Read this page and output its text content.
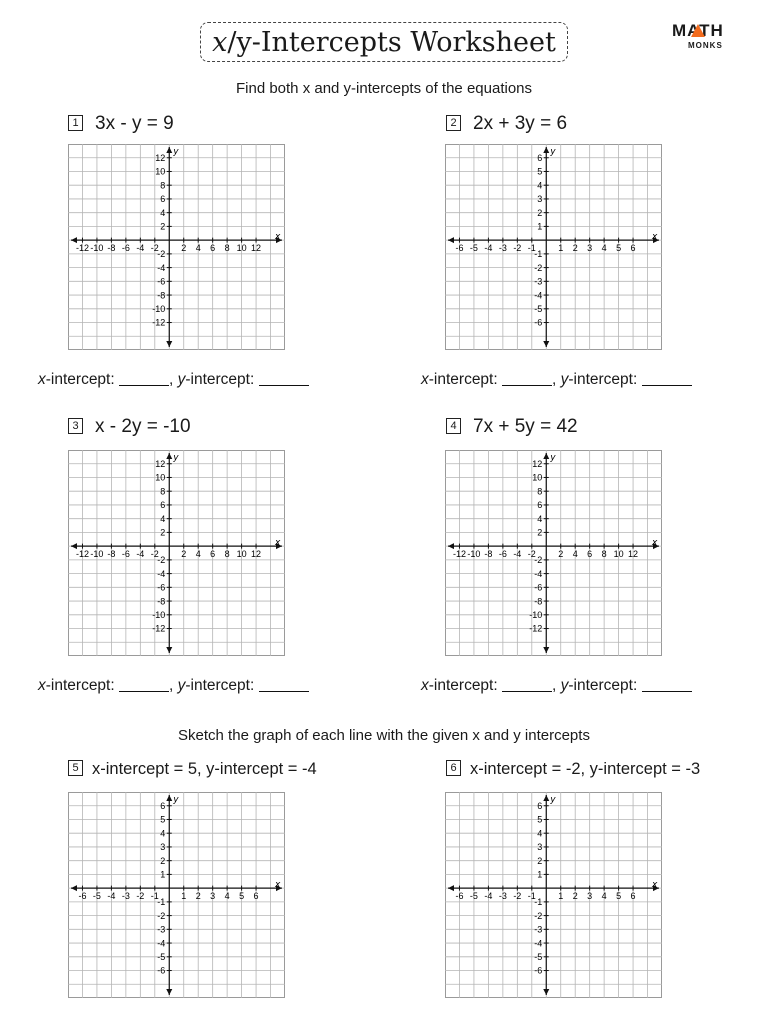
x /y-Intercepts Worksheet	MATH
MONKS
Find both x and y-intercepts of the equations
Sketch the graph of each line with the given x and y intercepts
1 3x - y = 9	2 2x + 3y = 6
3 x - 2y = -10	4 7x + 5y = 42
5 x-intercept = 5, y-intercept = -4	6 x-intercept = -2, y-intercept = -3
x
y
-12 -10 -8 -6 -4 -2 2 4 6 8 10 12
12
10
8
6
4
2
-2
-4
-6
-8
-10
-12
x
y
-6 -5 -4 -3 -2 -1 1 2 3 4 5 6
6
5
4
3
2
1
-1
-2
-3
-4
-5
-6
x
y
-12 -10 -8 -6 -4 -2 2 4 6 8 10 12
12
10
8
6
4
2
-2
-4
-6
-8
-10
-12
x
y
-12 -10 -8 -6 -4 -2 2 4 6 8 10 12
12
10
8
6
4
2
-2
-4
-6
-8
-10
-12
x
y
-6 -5 -4 -3 -2 -1 1 2 3 4 5 6
6
5
4
3
2
1
-1
-2
-3
-4
-5
-6
x
y
-6 -5 -4 -3 -2 -1 1 2 3 4 5 6
6
5
4
3
2
1
-1
-2
-3
-4
-5
-6
x-intercept:	, y-intercept:	x-intercept:	, y-intercept:
x-intercept:	, y-intercept:	x-intercept:	, y-intercept:
